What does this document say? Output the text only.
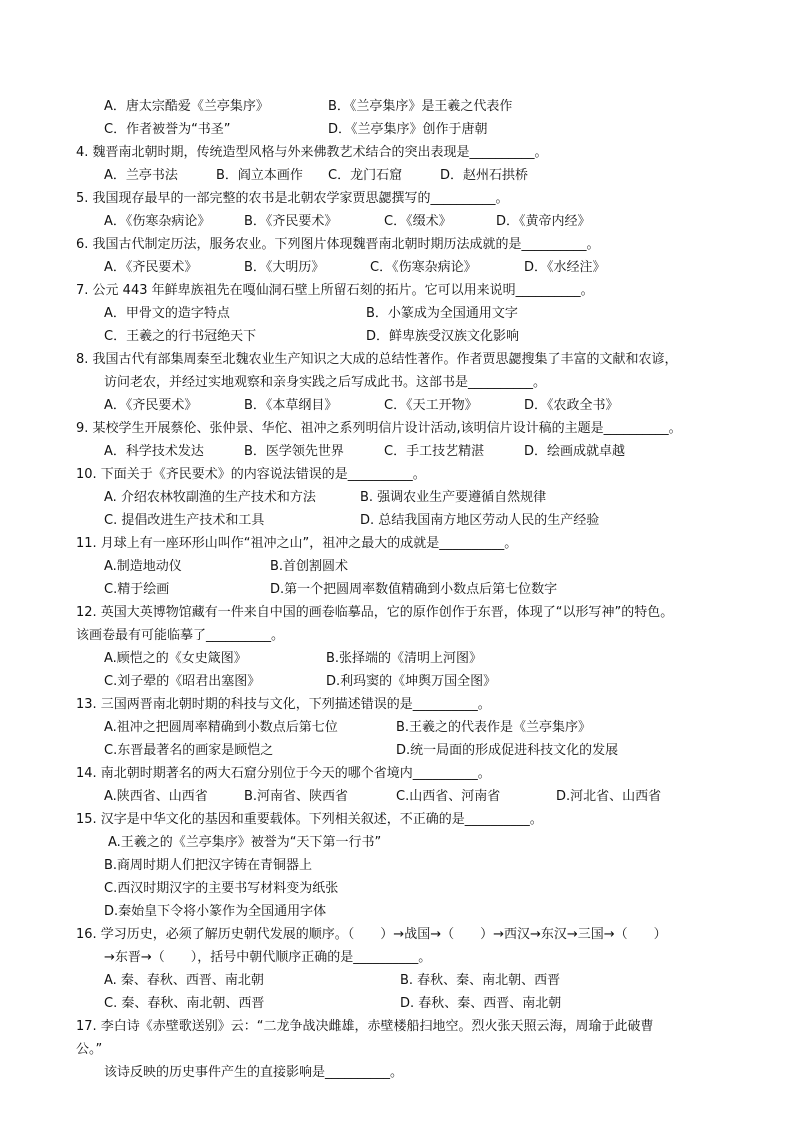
A．唐太宗酷爱《兰亭集序》	B．《兰亭集序》是王羲之代表作
C．作者被誉为“书圣”	D．《兰亭集序》创作于唐朝
4. 魏晋南北朝时期，传统造型风格与外来佛教艺术结合的突出表现是__________。
A．兰亭书法	B．阎立本画作 C．龙门石窟	D．赵州石拱桥
5. 我国现存最早的一部完整的农书是北朝农学家贾思勰撰写的__________。
A．《伤寒杂病论》	B．《齐民要术》	C．《缀术》	D．《黄帝内经》
6. 我国古代制定历法，服务农业。下列图片体现魏晋南北朝时期历法成就的是__________。
A．《齐民要术》	B．《大明历》	C．《伤寒杂病论》	D．《水经注》
7. 公元 443 年鲜卑族祖先在嘎仙洞石壁上所留石刻的拓片。它可以用来说明__________。
A．甲骨文的造字特点	B．小篆成为全国通用文字
C．王羲之的行书冠绝天下	D．鲜卑族受汉族文化影响
8. 我国古代有部集周秦至北魏农业生产知识之大成的总结性著作。作者贾思勰搜集了丰富的文献和农谚，
访问老农，并经过实地观察和亲身实践之后写成此书。这部书是__________。
A．《齐民要术》	B．《本草纲目》	C．《天工开物》	D．《农政全书》
9. 某校学生开展蔡伦、张仲景、华佗、祖冲之系列明信片设计活动,该明信片设计稿的主题是__________。
A．科学技术发达	B．医学领先世界	C．手工技艺精湛	D．绘画成就卓越
10. 下面关于《齐民要术》的内容说法错误的是__________。
A. 介绍农林牧副渔的生产技术和方法	B. 强调农业生产要遵循自然规律
C. 提倡改进生产技术和工具	D. 总结我国南方地区劳动人民的生产经验
11. 月球上有一座环形山叫作“祖冲之山”，祖冲之最大的成就是__________。
A.制造地动仪	B.首创割圆术
C.精于绘画	D.第一个把圆周率数值精确到小数点后第七位数字
12. 英国大英博物馆藏有一件来自中国的画卷临摹品，它的原作创作于东晋，体现了“以形写神”的特色。
该画卷最有可能临摹了__________。
A.顾恺之的《女史箴图》	B.张择端的《清明上河图》
C.刘子翚的《昭君出塞图》	D.利玛窦的《坤舆万国全图》
13. 三国两晋南北朝时期的科技与文化，下列描述错误的是__________。
A.祖冲之把圆周率精确到小数点后第七位	B.王羲之的代表作是《兰亭集序》
C.东晋最著名的画家是顾恺之	D.统一局面的形成促进科技文化的发展
14. 南北朝时期著名的两大石窟分别位于今天的哪个省境内__________。
A.陕西省、山西省	B.河南省、陕西省	C.山西省、河南省	D.河北省、山西省
15. 汉字是中华文化的基因和重要载体。下列相关叙述，不正确的是__________。
A.王羲之的《兰亭集序》被誉为“天下第一行书”
B.商周时期人们把汉字铸在青铜器上
C.西汉时期汉字的主要书写材料变为纸张
D.秦始皇下令将小篆作为全国通用字体
16. 学习历史，必须了解历史朝代发展的顺序。（　　）→战国→（　　）→西汉→东汉→三国→（　　）
→东晋→（　　），括号中朝代顺序正确的是__________。
A. 秦、春秋、西晋、南北朝	B. 春秋、秦、南北朝、西晋
C. 秦、春秋、南北朝、西晋	D. 春秋、秦、西晋、南北朝
17. 李白诗《赤壁歌送别》云：“二龙争战决雌雄，赤壁楼船扫地空。烈火张天照云海，周瑜于此破曹
公。”
该诗反映的历史事件产生的直接影响是__________。
